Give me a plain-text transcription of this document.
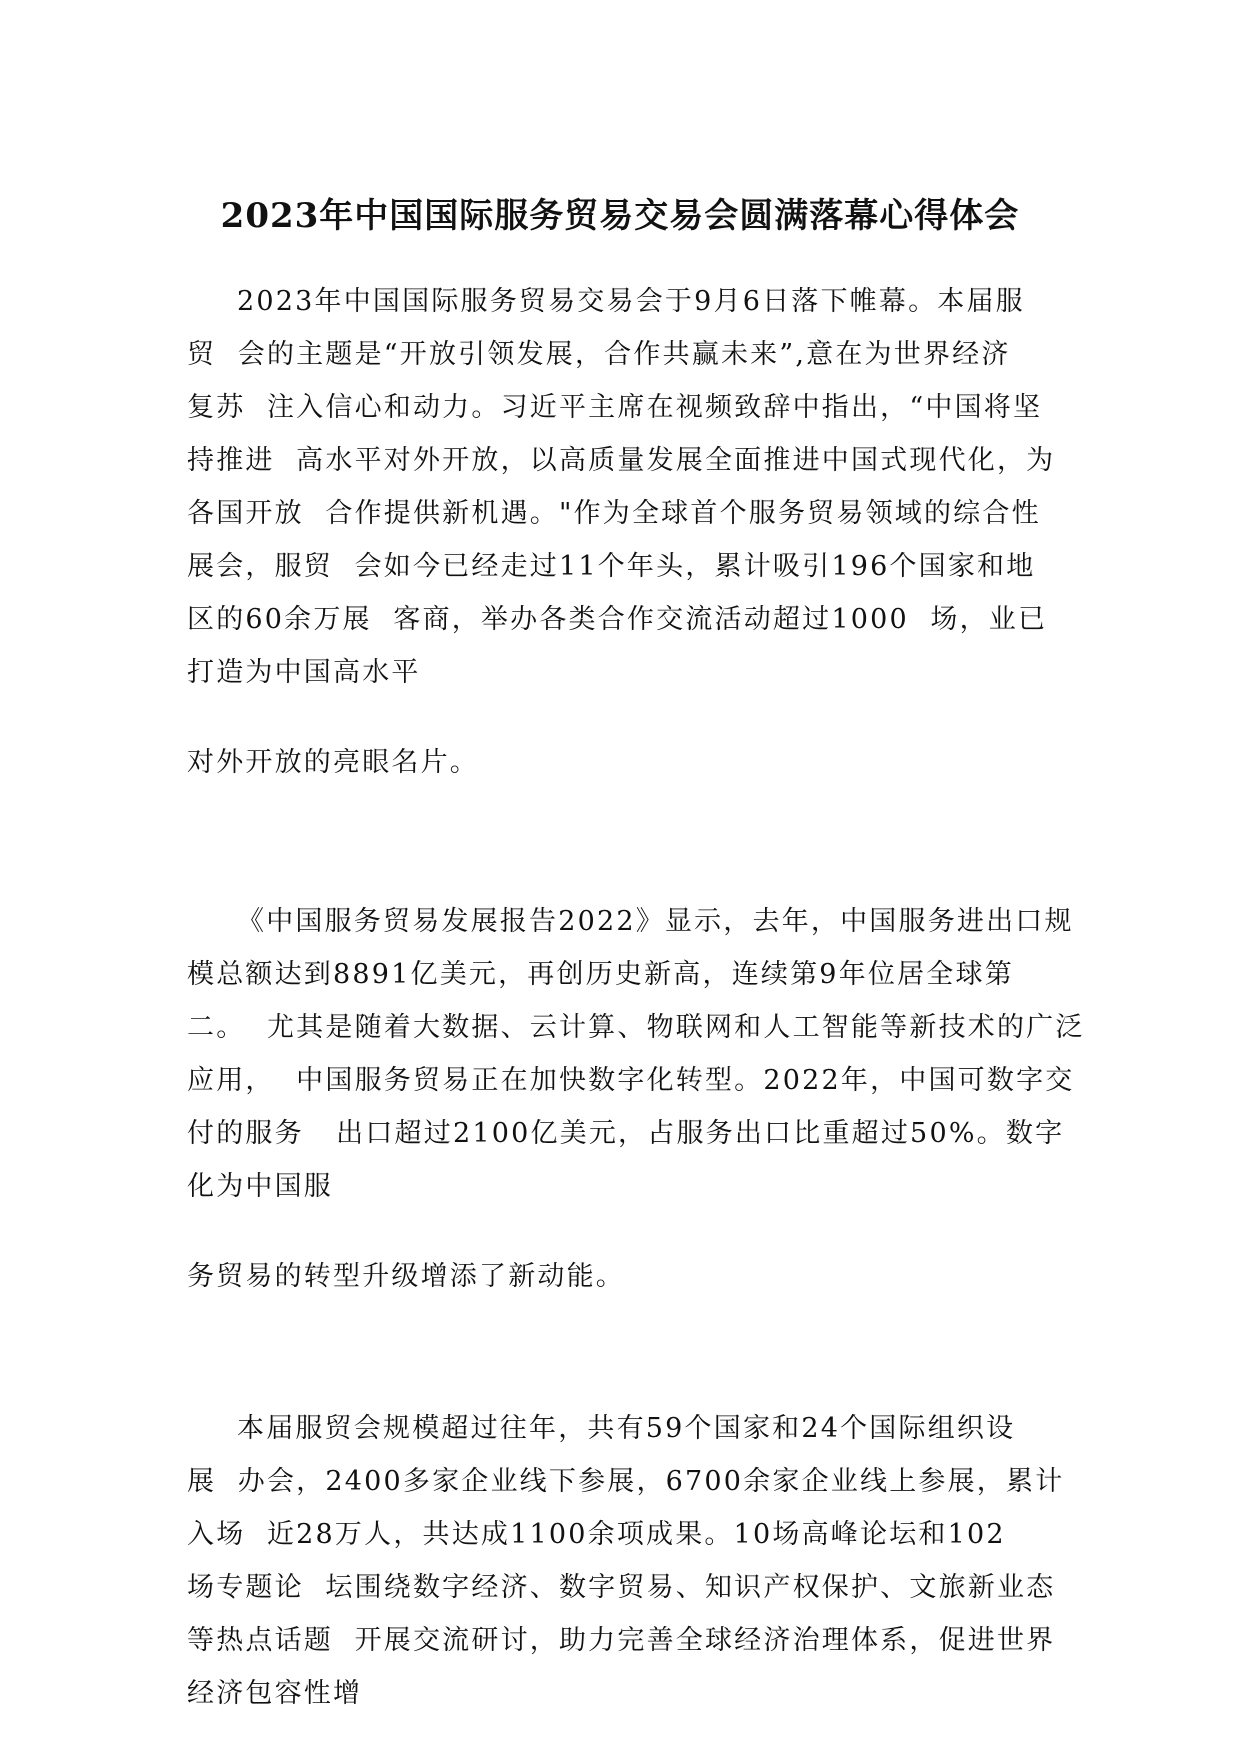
2023年中国国际服务贸易交易会圆满落幕心得体会
2023年中国国际服务贸易交易会于9月6日落下帷幕。本届服
贸  会的主题是“开放引领发展，合作共赢未来”,意在为世界经济
复苏  注入信心和动力。习近平主席在视频致辞中指出，“中国将坚
持推进  高水平对外开放，以高质量发展全面推进中国式现代化，为
各国开放  合作提供新机遇。"作为全球首个服务贸易领域的综合性
展会，服贸  会如今已经走过11个年头，累计吸引196个国家和地
区的60余万展  客商，举办各类合作交流活动超过1000  场，业已
打造为中国高水平
对外开放的亮眼名片。
《中国服务贸易发展报告2022》显示，去年，中国服务进出口规
模总额达到8891亿美元，再创历史新高，连续第9年位居全球第
二。  尤其是随着大数据、云计算、物联网和人工智能等新技术的广泛
应用，  中国服务贸易正在加快数字化转型。2022年，中国可数字交
付的服务   出口超过2100亿美元，占服务出口比重超过50%。数字
化为中国服
务贸易的转型升级增添了新动能。
本届服贸会规模超过往年，共有59个国家和24个国际组织设
展  办会，2400多家企业线下参展，6700余家企业线上参展，累计
入场  近28万人，共达成1100余项成果。10场高峰论坛和102
场专题论  坛围绕数字经济、数字贸易、知识产权保护、文旅新业态
等热点话题  开展交流研讨，助力完善全球经济治理体系，促进世界
经济包容性增
